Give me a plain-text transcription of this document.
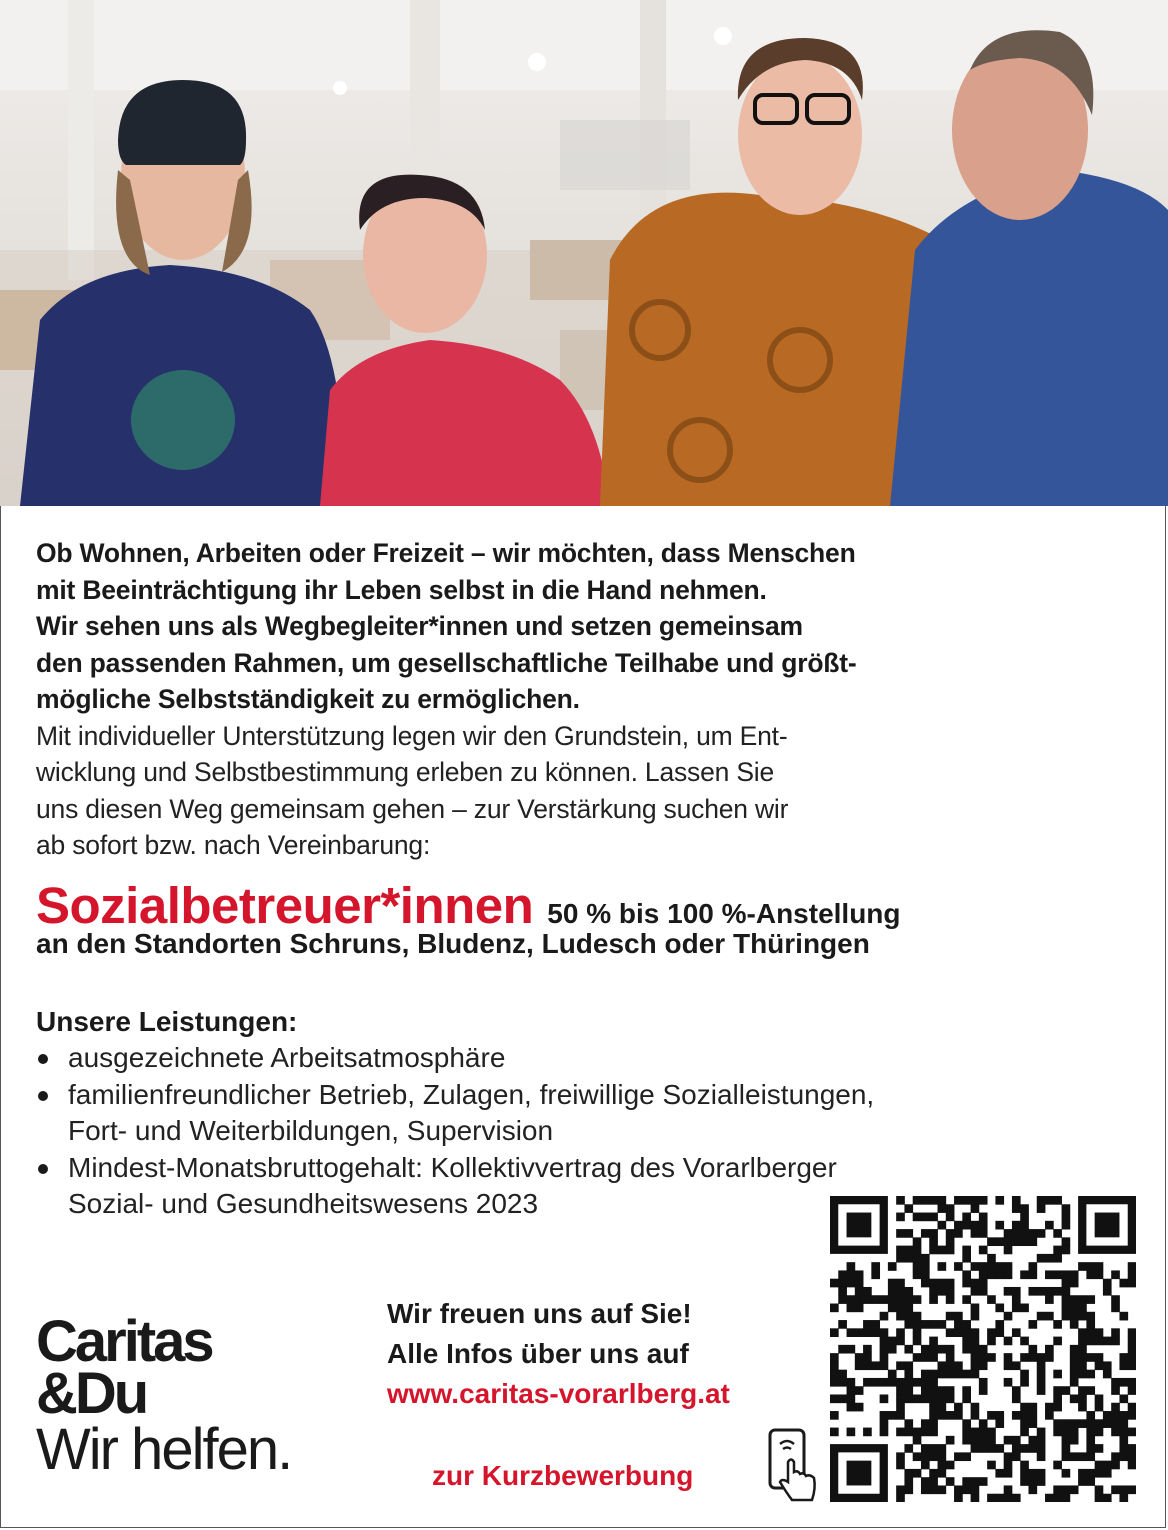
Ob Wohnen, Arbeiten oder Freizeit – wir möchten, dass Menschen
mit Beeinträchtigung ihr Leben selbst in die Hand nehmen.
Wir sehen uns als Wegbegleiter*innen und setzen gemeinsam
den passenden Rahmen, um gesellschaftliche Teilhabe und größt-
mögliche Selbstständigkeit zu ermöglichen.
Mit individueller Unterstützung legen wir den Grundstein, um Ent-
wicklung und Selbstbestimmung erleben zu können. Lassen Sie
uns diesen Weg gemeinsam gehen – zur Verstärkung suchen wir
ab sofort bzw. nach Vereinbarung:
Sozialbetreuer*innen 50 % bis 100 %-Anstellung
an den Standorten Schruns, Bludenz, Ludesch oder Thüringen
Unsere Leistungen:
ausgezeichnete Arbeitsatmosphäre
familienfreundlicher Betrieb, Zulagen, freiwillige Sozialleistungen,
Fort- und Weiterbildungen, Supervision
Mindest-Monatsbruttogehalt: Kollektivvertrag des Vorarlberger
Sozial- und Gesundheitswesens 2023
Caritas
&Du
Wir helfen.
Wir freuen uns auf Sie!
Alle Infos über uns auf
www.caritas-vorarlberg.at
zur Kurzbewerbung
